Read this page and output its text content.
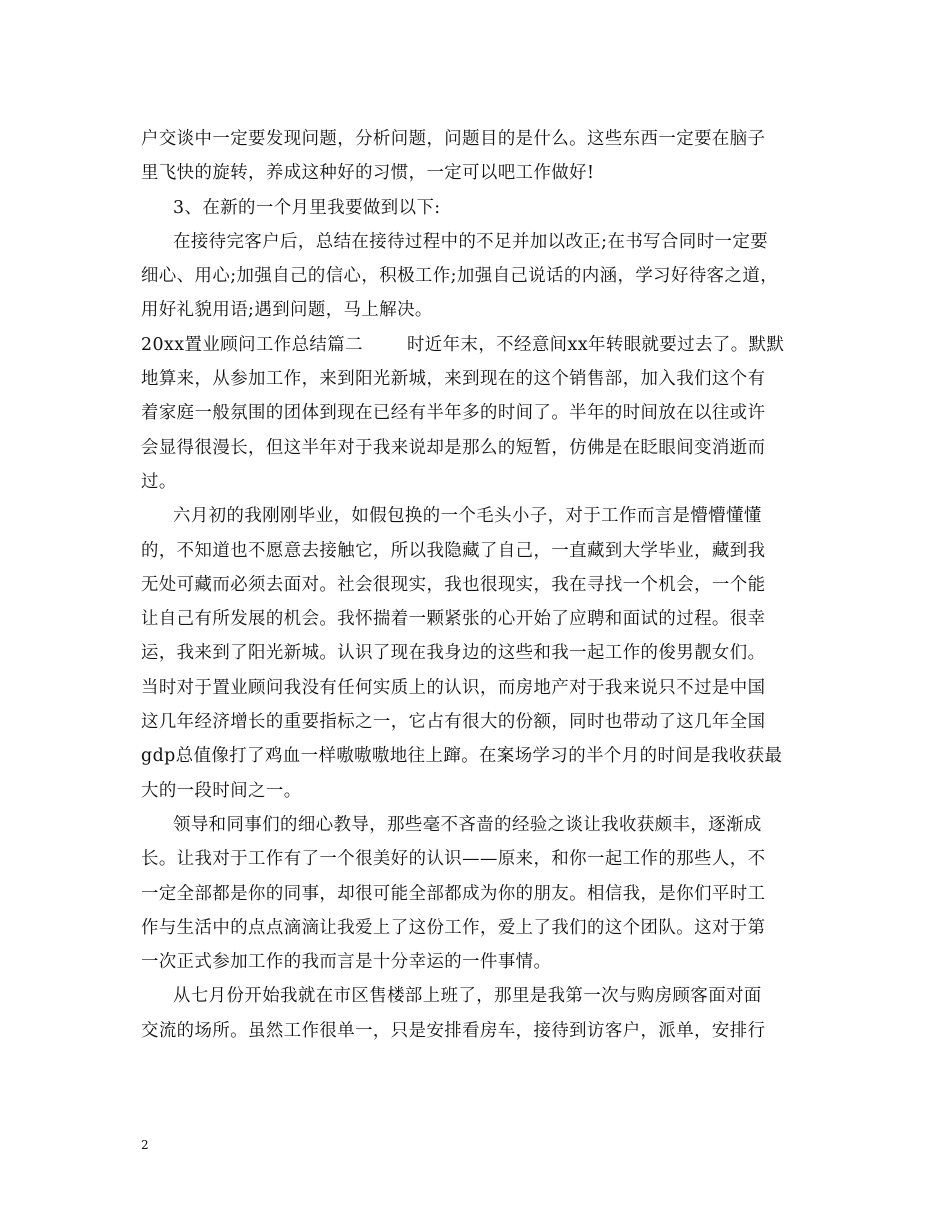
户交谈中一定要发现问题，分析问题，问题目的是什么。这些东西一定要在脑子
里飞快的旋转，养成这种好的习惯，一定可以吧工作做好!
3、在新的一个月里我要做到以下:
在接待完客户后，总结在接待过程中的不足并加以改正;在书写合同时一定要
细心、用心;加强自己的信心，积极工作;加强自己说话的内涵，学习好待客之道，
用好礼貌用语;遇到问题，马上解决。
20xx置业顾问工作总结篇二	时近年末，不经意间xx年转眼就要过去了。默默
地算来，从参加工作，来到阳光新城，来到现在的这个销售部，加入我们这个有
着家庭一般氛围的团体到现在已经有半年多的时间了。半年的时间放在以往或许
会显得很漫长，但这半年对于我来说却是那么的短暂，仿佛是在眨眼间变消逝而
过。
六月初的我刚刚毕业，如假包换的一个毛头小子，对于工作而言是懵懵懂懂
的，不知道也不愿意去接触它，所以我隐藏了自己，一直藏到大学毕业，藏到我
无处可藏而必须去面对。社会很现实，我也很现实，我在寻找一个机会，一个能
让自己有所发展的机会。我怀揣着一颗紧张的心开始了应聘和面试的过程。很幸
运，我来到了阳光新城。认识了现在我身边的这些和我一起工作的俊男靓女们。
当时对于置业顾问我没有任何实质上的认识，而房地产对于我来说只不过是中国
这几年经济增长的重要指标之一，它占有很大的份额，同时也带动了这几年全国
gdp总值像打了鸡血一样嗷嗷嗷地往上蹿。在案场学习的半个月的时间是我收获最
大的一段时间之一。
领导和同事们的细心教导，那些毫不吝啬的经验之谈让我收获颇丰，逐渐成
长。让我对于工作有了一个很美好的认识——原来，和你一起工作的那些人，不
一定全部都是你的同事，却很可能全部都成为你的朋友。相信我，是你们平时工
作与生活中的点点滴滴让我爱上了这份工作，爱上了我们的这个团队。这对于第
一次正式参加工作的我而言是十分幸运的一件事情。
从七月份开始我就在市区售楼部上班了，那里是我第一次与购房顾客面对面
交流的场所。虽然工作很单一，只是安排看房车，接待到访客户，派单，安排行
2
